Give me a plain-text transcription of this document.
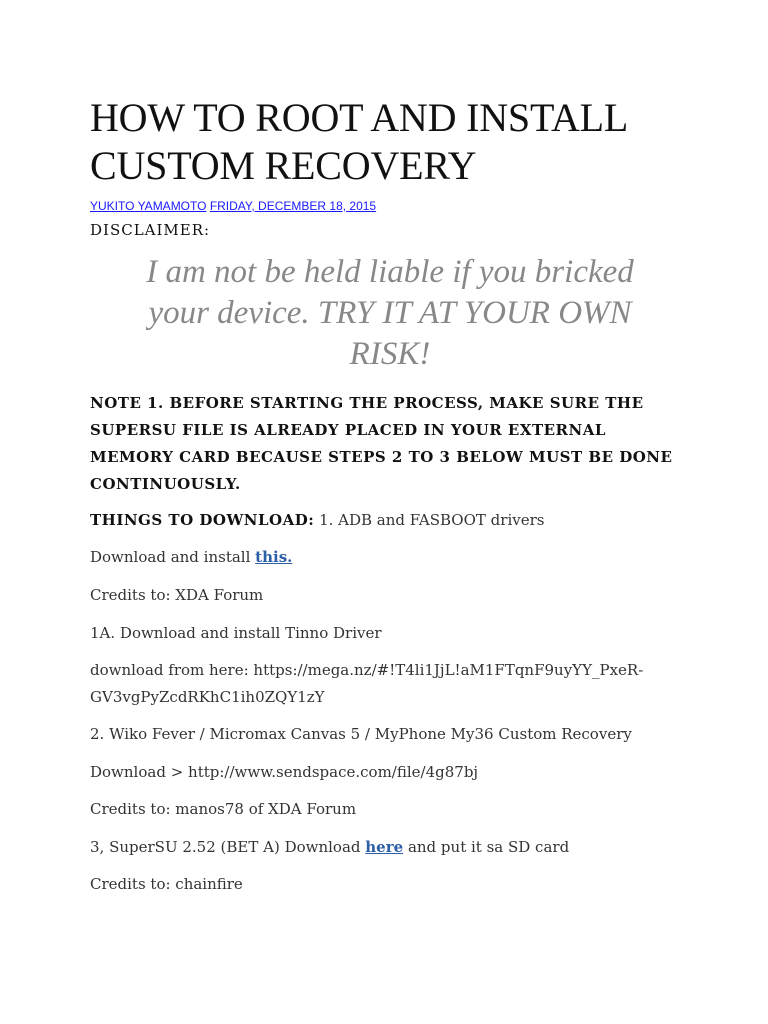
HOW TO ROOT AND INSTALL
CUSTOM RECOVERY
YUKITO YAMAMOTO FRIDAY, DECEMBER 18, 2015
DISCLAIMER:
I am not be held liable if you bricked
your device. TRY IT AT YOUR OWN
RISK!
NOTE 1. BEFORE STARTING THE PROCESS, MAKE SURE THE
SUPERSU FILE IS ALREADY PLACED IN YOUR EXTERNAL
MEMORY CARD BECAUSE STEPS 2 TO 3 BELOW MUST BE DONE
CONTINUOUSLY.
THINGS TO DOWNLOAD: 1. ADB and FASBOOT drivers
Download and install this.
Credits to: XDA Forum
1A. Download and install Tinno Driver
download from here: https://mega.nz/#!T4li1JjL!aM1FTqnF9uyYY_PxeR-
GV3vgPyZcdRKhC1ih0ZQY1zY
2. Wiko Fever / Micromax Canvas 5 / MyPhone My36 Custom Recovery
Download > http://www.sendspace.com/file/4g87bj
Credits to: manos78 of XDA Forum
3, SuperSU 2.52 (BET A) Download here and put it sa SD card
Credits to: chainfire
